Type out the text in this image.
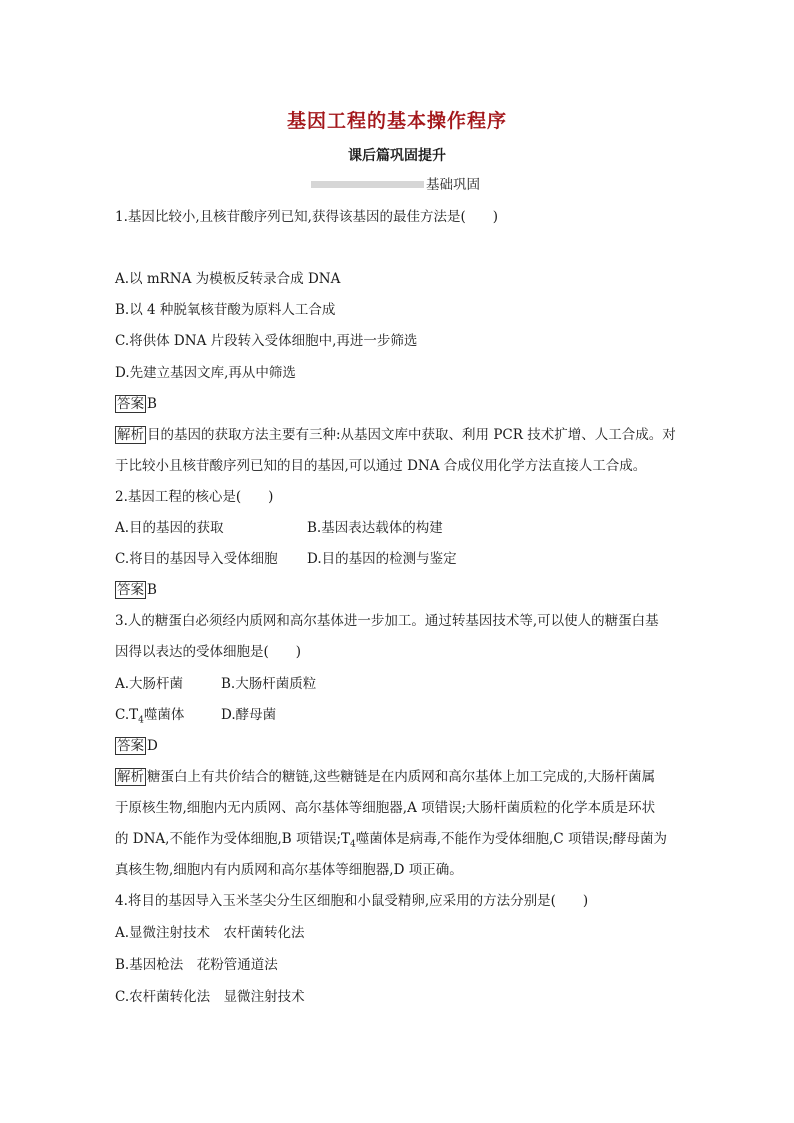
基因工程的基本操作程序
课后篇巩固提升
基础巩固
1.基因比较小,且核苷酸序列已知,获得该基因的最佳方法是(　　)
A.以 mRNA 为模板反转录合成 DNA
B.以 4 种脱氧核苷酸为原料人工合成
C.将供体 DNA 片段转入受体细胞中,再进一步筛选
D.先建立基因文库,再从中筛选
答案 B
解析 目的基因的获取方法主要有三种:从基因文库中获取、利用 PCR 技术扩增、人工合成。对
于比较小且核苷酸序列已知的目的基因,可以通过 DNA 合成仪用化学方法直接人工合成。
2.基因工程的核心是(　　)
A.目的基因的获取	B.基因表达载体的构建
C.将目的基因导入受体细胞 D.目的基因的检测与鉴定
答案 B
3.人的糖蛋白必须经内质网和高尔基体进一步加工。通过转基因技术等,可以使人的糖蛋白基
因得以表达的受体细胞是(　　)
A.大肠杆菌	B.大肠杆菌质粒
$C.T_4$噬菌体	D.酵母菌
答案 D
解析 糖蛋白上有共价结合的糖链,这些糖链是在内质网和高尔基体上加工完成的,大肠杆菌属
于原核生物,细胞内无内质网、高尔基体等细胞器,A 项错误;大肠杆菌质粒的化学本质是环状
的 DNA,不能作为受体细胞,B 项错误$;T_4$噬菌体是病毒,不能作为受体细胞,C 项错误;酵母菌为
真核生物,细胞内有内质网和高尔基体等细胞器,D 项正确。
4.将目的基因导入玉米茎尖分生区细胞和小鼠受精卵,应采用的方法分别是(　　)
A.显微注射技术　农杆菌转化法
B.基因枪法　花粉管通道法
C.农杆菌转化法　显微注射技术
